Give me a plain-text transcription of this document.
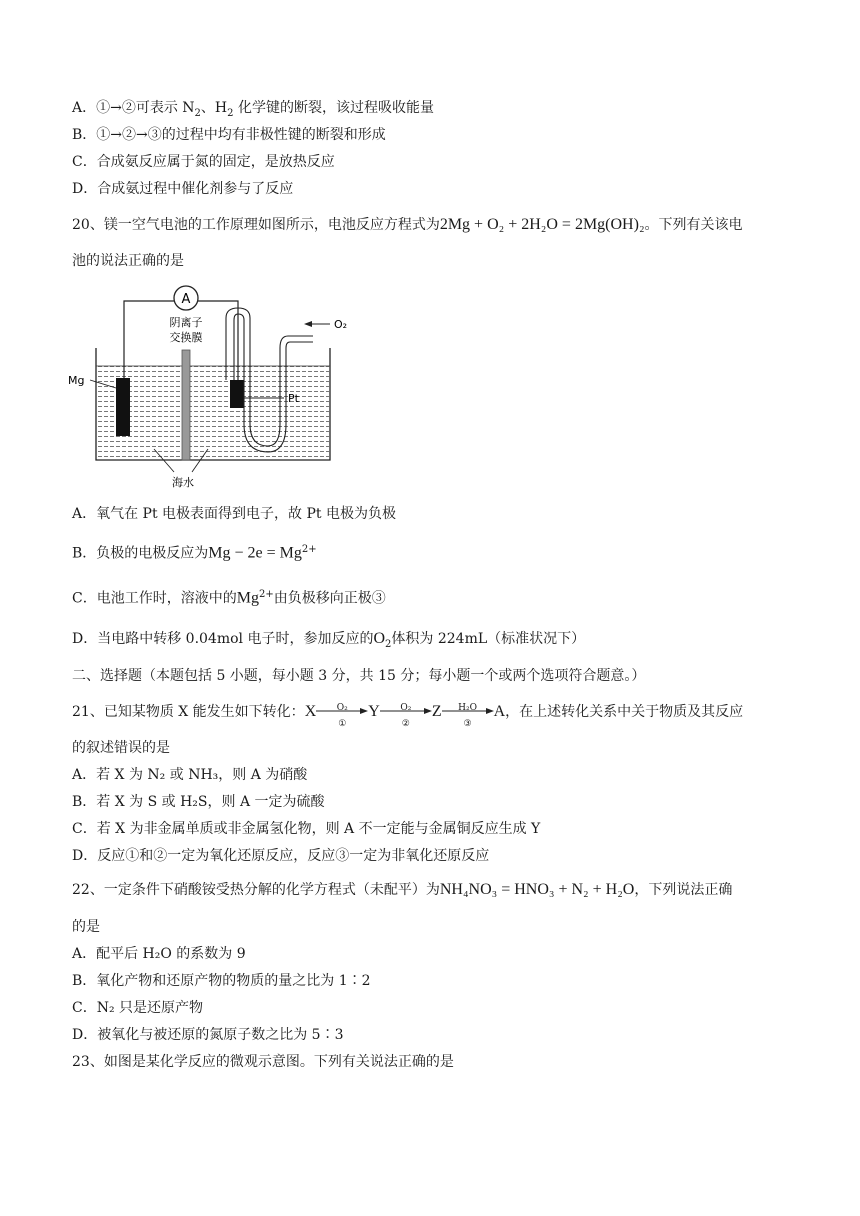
A．①→②可表示 $N_2$、$H_2$ 化学键的断裂，该过程吸收能量
B．①→②→③的过程中均有非极性键的断裂和形成
C．合成氨反应属于氮的固定，是放热反应
D．合成氨过程中催化剂参与了反应
20、镁一空气电池的工作原理如图所示，电池反应方程式为2Mg + O₂ + 2H₂O = 2Mg(OH)₂。下列有关该电
池的说法正确的是
A
阴离子
交换膜
Mg
Pt
O₂
海水
A．氧气在 Pt 电极表面得到电子，故 Pt 电极为负极
B．负极的电极反应为$Mg - 2e = Mg^{2+}$
C．电池工作时，溶液中的$Mg^{2+}$由负极移向正极③
D．当电路中转移 0.04mol 电子时，参加反应的$O_2$体积为 224mL（标准状况下）
二、选择题（本题包括 5 小题，每小题 3 分，共 15 分；每小题一个或两个选项符合题意。）
21、已知某物质 X 能发生如下转化：X	O₂
①
Y	O₂
②
Z	H₂O
③
A，在上述转化关系中关于物质及其反应
的叙述错误的是
A．若 X 为 N₂ 或 NH₃，则 A 为硝酸
B．若 X 为 S 或 H₂S，则 A 一定为硫酸
C．若 X 为非金属单质或非金属氢化物，则 A 不一定能与金属铜反应生成 Y
D．反应①和②一定为氧化还原反应，反应③一定为非氧化还原反应
22、一定条件下硝酸铵受热分解的化学方程式（未配平）为NH₄NO₃ = HNO₃ + N₂ + H₂O，下列说法正确
的是
A．配平后 H₂O 的系数为 9
B．氧化产物和还原产物的物质的量之比为 1∶2
C．N₂ 只是还原产物
D．被氧化与被还原的氮原子数之比为 5∶3
23、如图是某化学反应的微观示意图。下列有关说法正确的是
